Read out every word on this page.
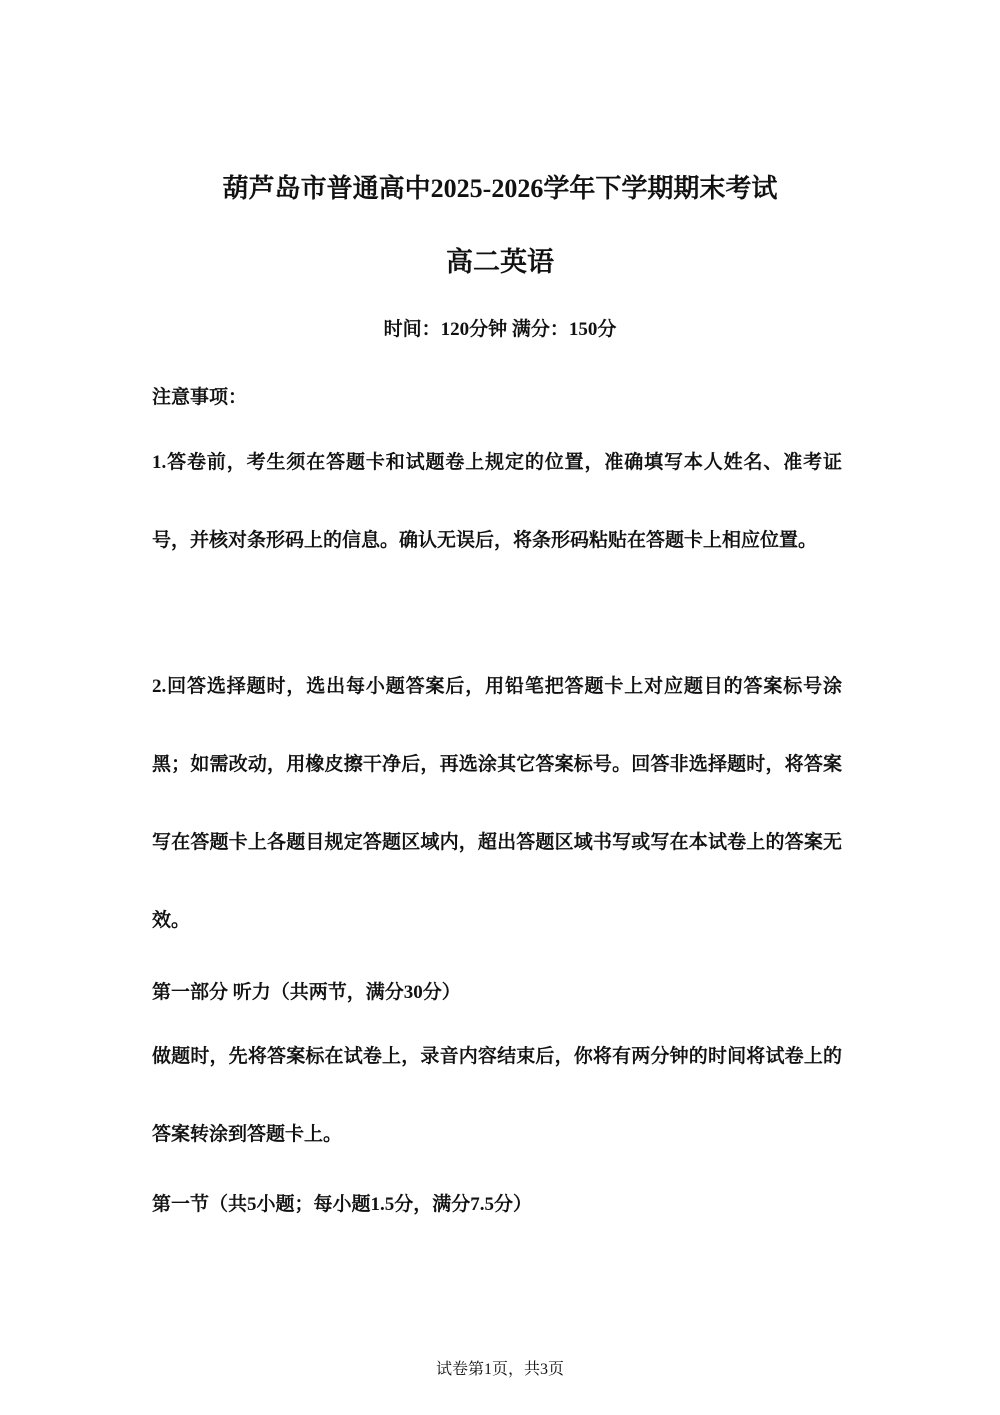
葫芦岛市普通高中2025-2026学年下学期期末考试
高二英语

时间：120分钟 满分：150分

注意事项：

1.答卷前，考生须在答题卡和试题卷上规定的位置，准确填写本人姓名、准考证号，并核对条形码上的信息。确认无误后，将条形码粘贴在答题卡上相应位置。

2.回答选择题时，选出每小题答案后，用铅笔把答题卡上对应题目的答案标号涂黑；如需改动，用橡皮擦干净后，再选涂其它答案标号。回答非选择题时，将答案写在答题卡上各题目规定答题区域内，超出答题区域书写或写在本试卷上的答案无效。

第一部分 听力（共两节，满分30分）

做题时，先将答案标在试卷上，录音内容结束后，你将有两分钟的时间将试卷上的答案转涂到答题卡上。

第一节（共5小题；每小题1.5分，满分7.5分）

试卷第1页，共3页
